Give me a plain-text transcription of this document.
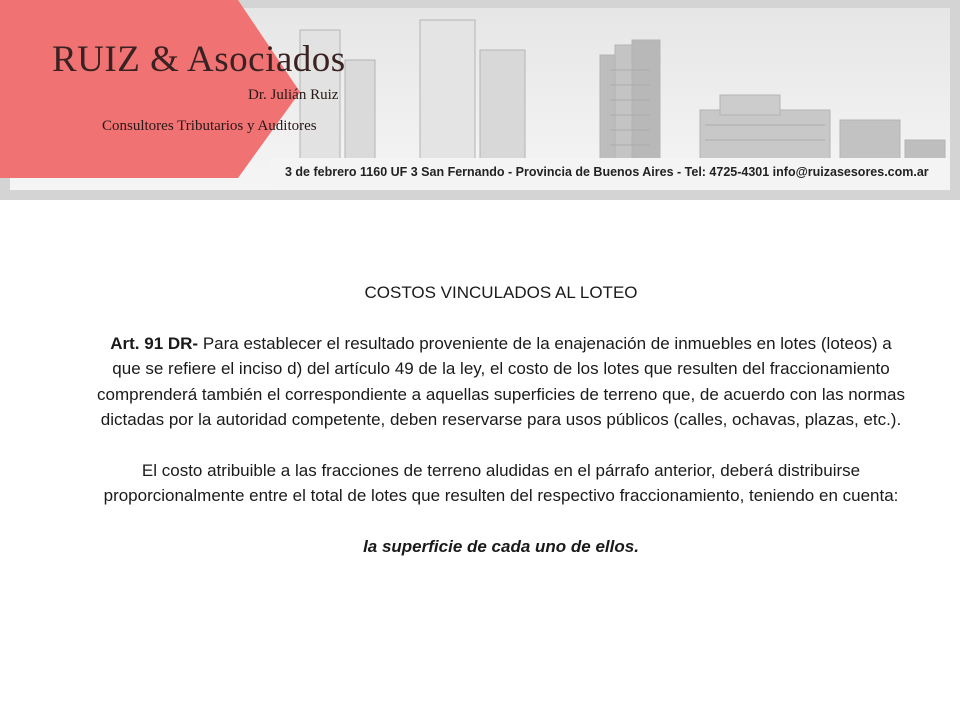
RUIZ & Asociados
Dr. Julián Ruiz
Consultores Tributarios y Auditores
3 de febrero 1160 UF 3 San Fernando - Provincia de Buenos Aires - Tel: 4725-4301 info@ruizasesores.com.ar

COSTOS VINCULADOS AL LOTEO

Art. 91 DR- Para establecer el resultado proveniente de la enajenación de inmuebles en lotes (loteos) a que se refiere el inciso d) del artículo 49 de la ley, el costo de los lotes que resulten del fraccionamiento comprenderá también el correspondiente a aquellas superficies de terreno que, de acuerdo con las normas dictadas por la autoridad competente, deben reservarse para usos públicos (calles, ochavas, plazas, etc.).

El costo atribuible a las fracciones de terreno aludidas en el párrafo anterior, deberá distribuirse proporcionalmente entre el total de lotes que resulten del respectivo fraccionamiento, teniendo en cuenta:

la superficie de cada uno de ellos.
